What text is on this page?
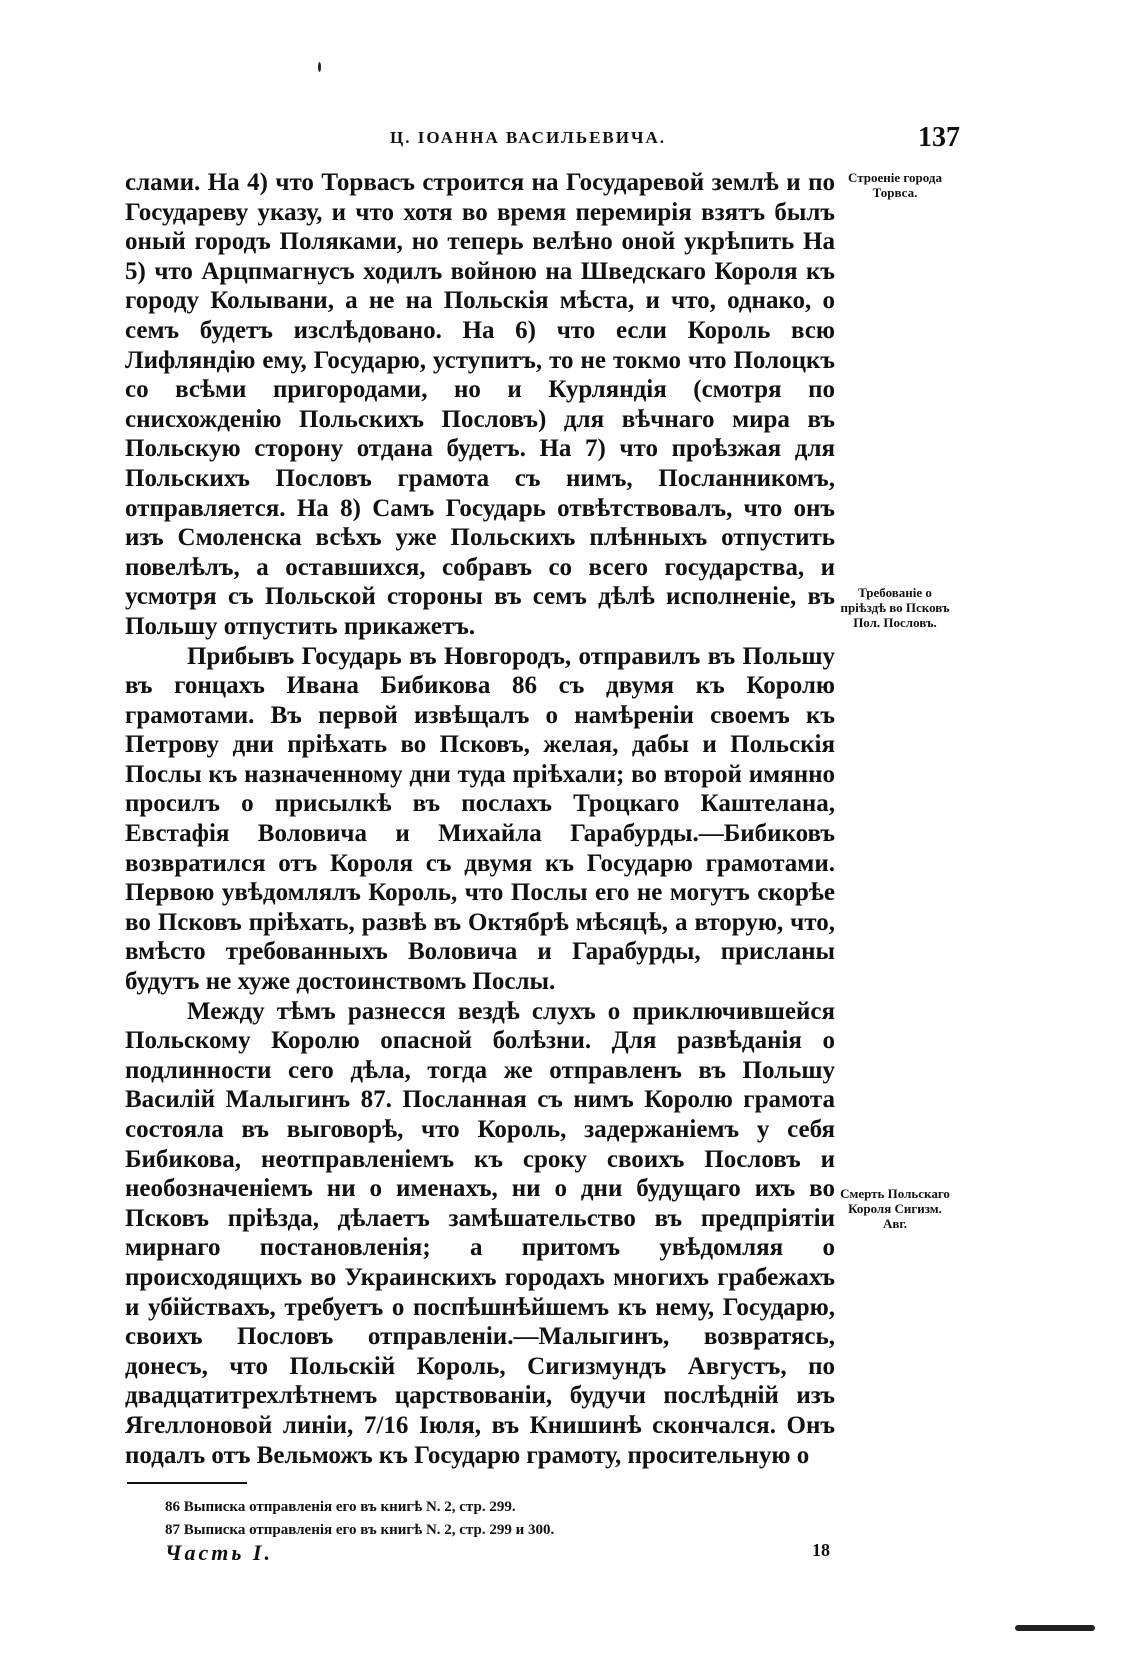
Ц. ІОАННА ВАСИЛЬЕВИЧА.	137

слами. На 4) что Торвасъ строится на Государевой землѣ и по Государеву указу, и что хотя во время перемирія взятъ былъ оный городъ Поляками, но теперь велѣно оной укрѣпить На 5) что Арцпмагнусъ ходилъ войною на Шведскаго Короля къ городу Колывани, а не на Польскія мѣста, и что, однако, о семъ будетъ изслѣдовано. На 6) что если Король всю Лифляндію ему, Государю, уступитъ, то не токмо что Полоцкъ со всѣми пригородами, но и Курляндія (смотря по снисхожденію Польскихъ Пословъ) для вѣчнаго мира въ Польскую сторону отдана будетъ. На 7) что проѣзжая для Польскихъ Пословъ грамота съ нимъ, Посланникомъ, отправляется. На 8) Самъ Государь отвѣтствовалъ, что онъ изъ Смоленска всѣхъ уже Польскихъ плѣнныхъ отпустить повелѣлъ, а оставшихся, собравъ со всего государства, и усмотря съ Польской стороны въ семъ дѣлѣ исполненіе, въ Польшу отпустить прикажетъ.

Прибывъ Государь въ Новгородъ, отправилъ въ Польшу въ гонцахъ Ивана Бибикова 86 съ двумя къ Королю грамотами. Въ первой извѣщалъ о намѣреніи своемъ къ Петрову дни пріѣхать во Псковъ, желая, дабы и Польскія Послы къ назначенному дни туда пріѣхали; во второй имянно просилъ о присылкѣ въ послахъ Троцкаго Каштелана, Евстафія Воловича и Михайла Гарабурды.—Бибиковъ возвратился отъ Короля съ двумя къ Государю грамотами. Первою увѣдомлялъ Король, что Послы его не могутъ скорѣе во Псковъ пріѣхать, развѣ въ Октябрѣ мѣсяцѣ, а вторую, что, вмѣсто требованныхъ Воловича и Гарабурды, присланы будутъ не хуже достоинствомъ Послы.

Между тѣмъ разнесся вездѣ слухъ о приключившейся Польскому Королю опасной болѣзни. Для развѣданія о подлинности сего дѣла, тогда же отправленъ въ Польшу Василій Малыгинъ 87. Посланная съ нимъ Королю грамота состояла въ выговорѣ, что Король, задержаніемъ у себя Бибикова, неотправленіемъ къ сроку своихъ Пословъ и необозначеніемъ ни о именахъ, ни о дни будущаго ихъ во Псковъ пріѣзда, дѣлаетъ замѣшательство въ предпріятіи мирнаго постановленія; а притомъ увѣдомляя о происходящихъ во Украинскихъ городахъ многихъ грабежахъ и убійствахъ, требуетъ о поспѣшнѣйшемъ къ нему, Государю, своихъ Пословъ отправленіи.—Малыгинъ, возвратясь, донесъ, что Польскій Король, Сигизмундъ Августъ, по двадцатитрехлѣтнемъ царствованіи, будучи послѣдній изъ Ягеллоновой линіи, 7/16 Іюля, въ Книшинѣ скончался. Онъ подалъ отъ Вельможъ къ Государю грамоту, просительную о

Строеніе города Торвса.
Требованіе о пріѣздѣ во Псковъ Пол. Пословъ.
Смерть Польскаго Короля Сигизм. Авг.
86 Выписка отправленія его въ книгѣ N. 2, стр. 299.
87 Выписка отправленія его въ книгѣ N. 2, стр. 299 и 300.
Часть I.	18
